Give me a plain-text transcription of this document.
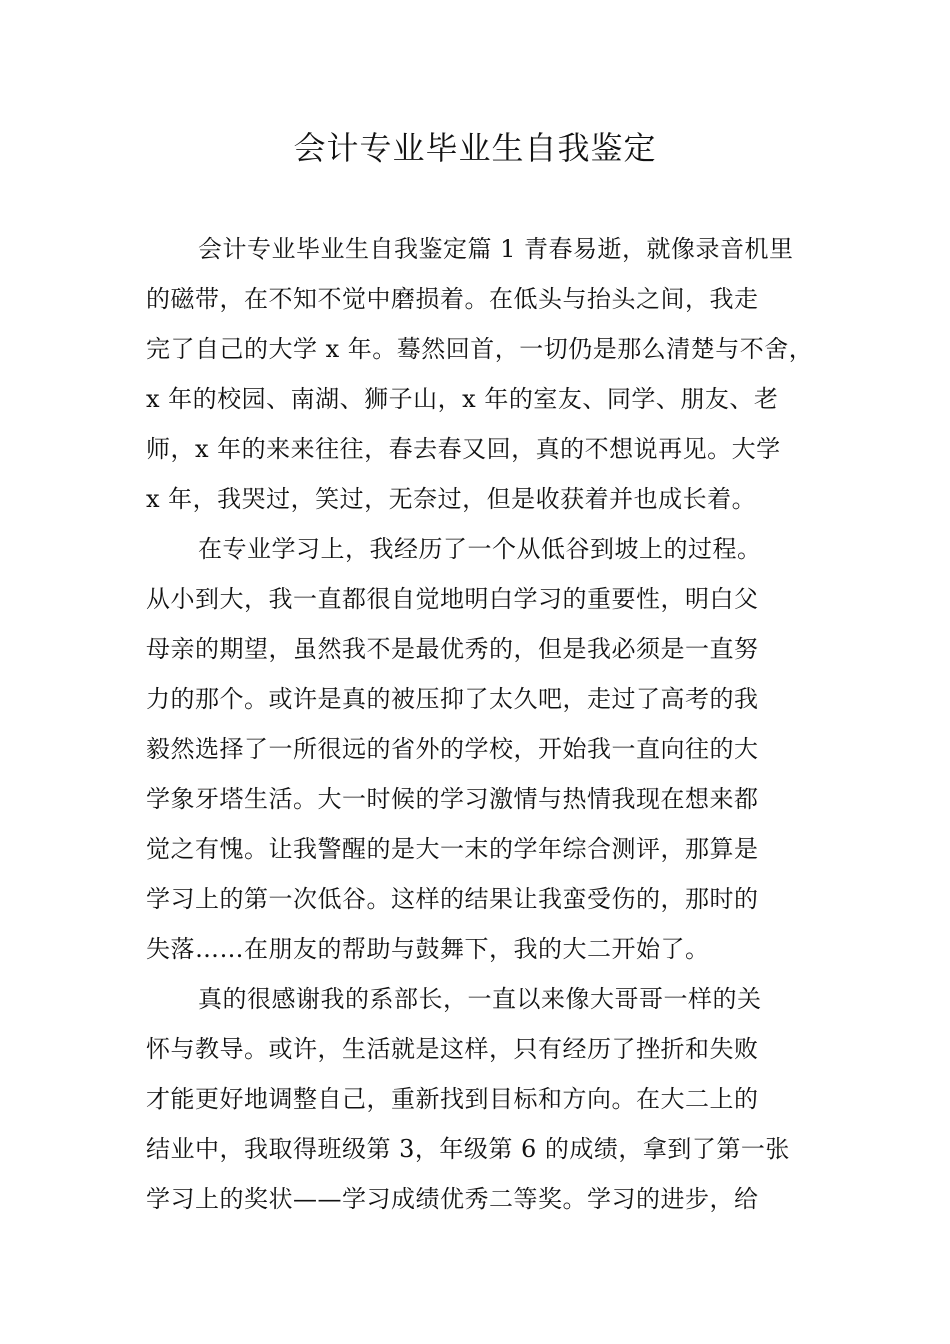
会计专业毕业生自我鉴定

会计专业毕业生自我鉴定篇 1 青春易逝，就像录音机里
的磁带，在不知不觉中磨损着。在低头与抬头之间，我走
完了自己的大学 x 年。蓦然回首，一切仍是那么清楚与不舍，
x 年的校园、南湖、狮子山，x 年的室友、同学、朋友、老
师，x 年的来来往往，春去春又回，真的不想说再见。大学
x 年，我哭过，笑过，无奈过，但是收获着并也成长着。

在专业学习上，我经历了一个从低谷到坡上的过程。
从小到大，我一直都很自觉地明白学习的重要性，明白父
母亲的期望，虽然我不是最优秀的，但是我必须是一直努
力的那个。或许是真的被压抑了太久吧，走过了高考的我
毅然选择了一所很远的省外的学校，开始我一直向往的大
学象牙塔生活。大一时候的学习激情与热情我现在想来都
觉之有愧。让我警醒的是大一末的学年综合测评，那算是
学习上的第一次低谷。这样的结果让我蛮受伤的，那时的
失落……在朋友的帮助与鼓舞下，我的大二开始了。

真的很感谢我的系部长，一直以来像大哥哥一样的关
怀与教导。或许，生活就是这样，只有经历了挫折和失败
才能更好地调整自己，重新找到目标和方向。在大二上的
结业中，我取得班级第 3，年级第 6 的成绩，拿到了第一张
学习上的奖状——学习成绩优秀二等奖。学习的进步，给
